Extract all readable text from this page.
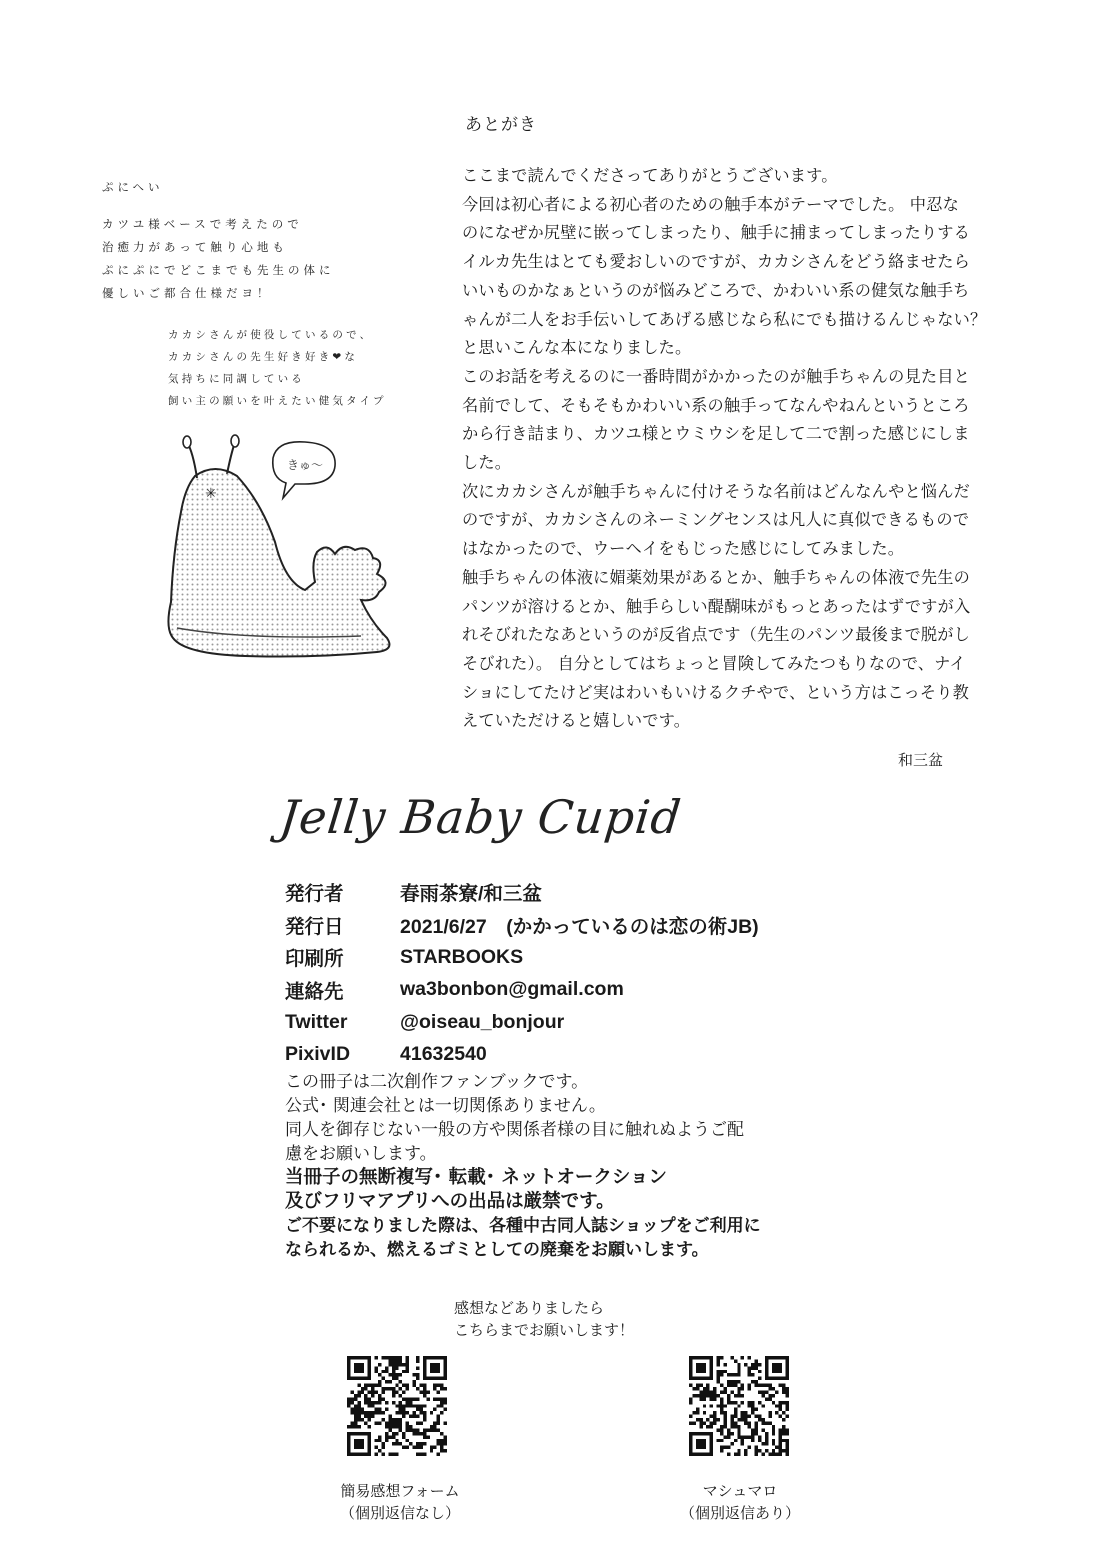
ぷにへい

カツユ様ベースで考えたので

治癒力があって触り心地も

ぷにぷにでどこまでも先生の体に

優しいご都合仕様だヨ！

カカシさんが使役しているので、

カカシさんの先生好き好き❤な

気持ちに同調している

飼い主の願いを叶えたい健気タイプ

きゅ〜
✳
あとがき

ここまで読んでくださってありがとうございます。

今回は初心者による初心者のための触手本がテーマでした。 中忍な

のになぜか尻壁に嵌ってしまったり、触手に捕まってしまったりする

イルカ先生はとても愛おしいのですが、カカシさんをどう絡ませたら

いいものかなぁというのが悩みどころで、かわいい系の健気な触手ち

ゃんが二人をお手伝いしてあげる感じなら私にでも描けるんじゃない？

と思いこんな本になりました。

このお話を考えるのに一番時間がかかったのが触手ちゃんの見た目と

名前でして、そもそもかわいい系の触手ってなんやねんというところ

から行き詰まり、カツユ様とウミウシを足して二で割った感じにしま

した。

次にカカシさんが触手ちゃんに付けそうな名前はどんなんやと悩んだ

のですが、カカシさんのネーミングセンスは凡人に真似できるもので

はなかったので、ウーヘイをもじった感じにしてみました。

触手ちゃんの体液に媚薬効果があるとか、触手ちゃんの体液で先生の

パンツが溶けるとか、触手らしい醍醐味がもっとあったはずですが入

れそびれたなあというのが反省点です（先生のパンツ最後まで脱がし

そびれた）。 自分としてはちょっと冒険してみたつもりなので、ナイ

ショにしてたけど実はわいもいけるクチやで、という方はこっそり教

えていただけると嬉しいです。

和三盆
Jelly Baby Cupid
発行者	春雨茶寮/和三盆
発行日	2021/6/27　(かかっているのは恋の術JB)
印刷所	STARBOOKS
連絡先	wa3bonbon@gmail.com
Twitter	@oiseau_bonjour
PixivID	41632540

この冊子は二次創作ファンブックです。

公式･ 関連会社とは一切関係ありません。

同人を御存じない一般の方や関係者様の目に触れぬようご配

慮をお願いします。

当冊子の無断複写･ 転載･ ネットオークション

及びフリマアプリへの出品は厳禁です。

ご不要になりました際は、各種中古同人誌ショップをご利用に

なられるか、燃えるゴミとしての廃棄をお願いします。

感想などありましたら

こちらまでお願いします！

簡易感想フォーム
（個別返信なし）
マシュマロ
（個別返信あり）
